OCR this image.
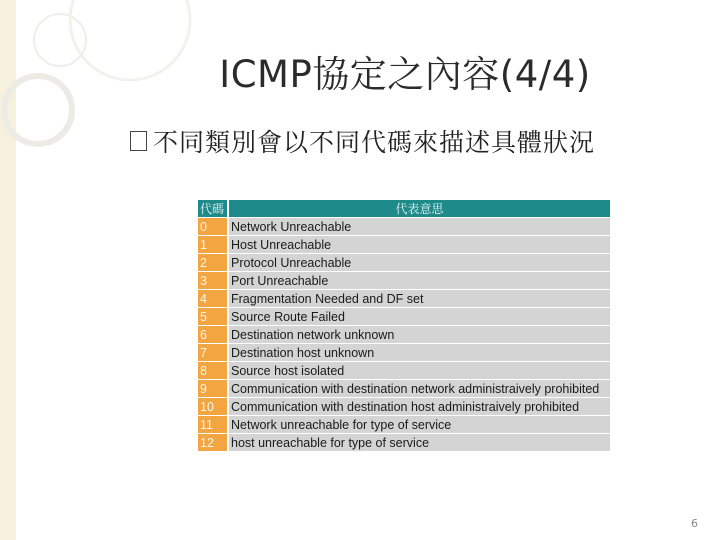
ICMP協定之內容(4/4)
不同類別會以不同代碼來描述具體狀況
代碼	代表意思
0	Network Unreachable
1	Host Unreachable
2	Protocol Unreachable
3	Port Unreachable
4	Fragmentation Needed and DF set
5	Source Route Failed
6	Destination network unknown
7	Destination host unknown
8	Source host isolated
9	Communication with destination network administraively prohibited
10	Communication with destination host administraively prohibited
11	Network unreachable for type of service
12	host unreachable for type of service
6
